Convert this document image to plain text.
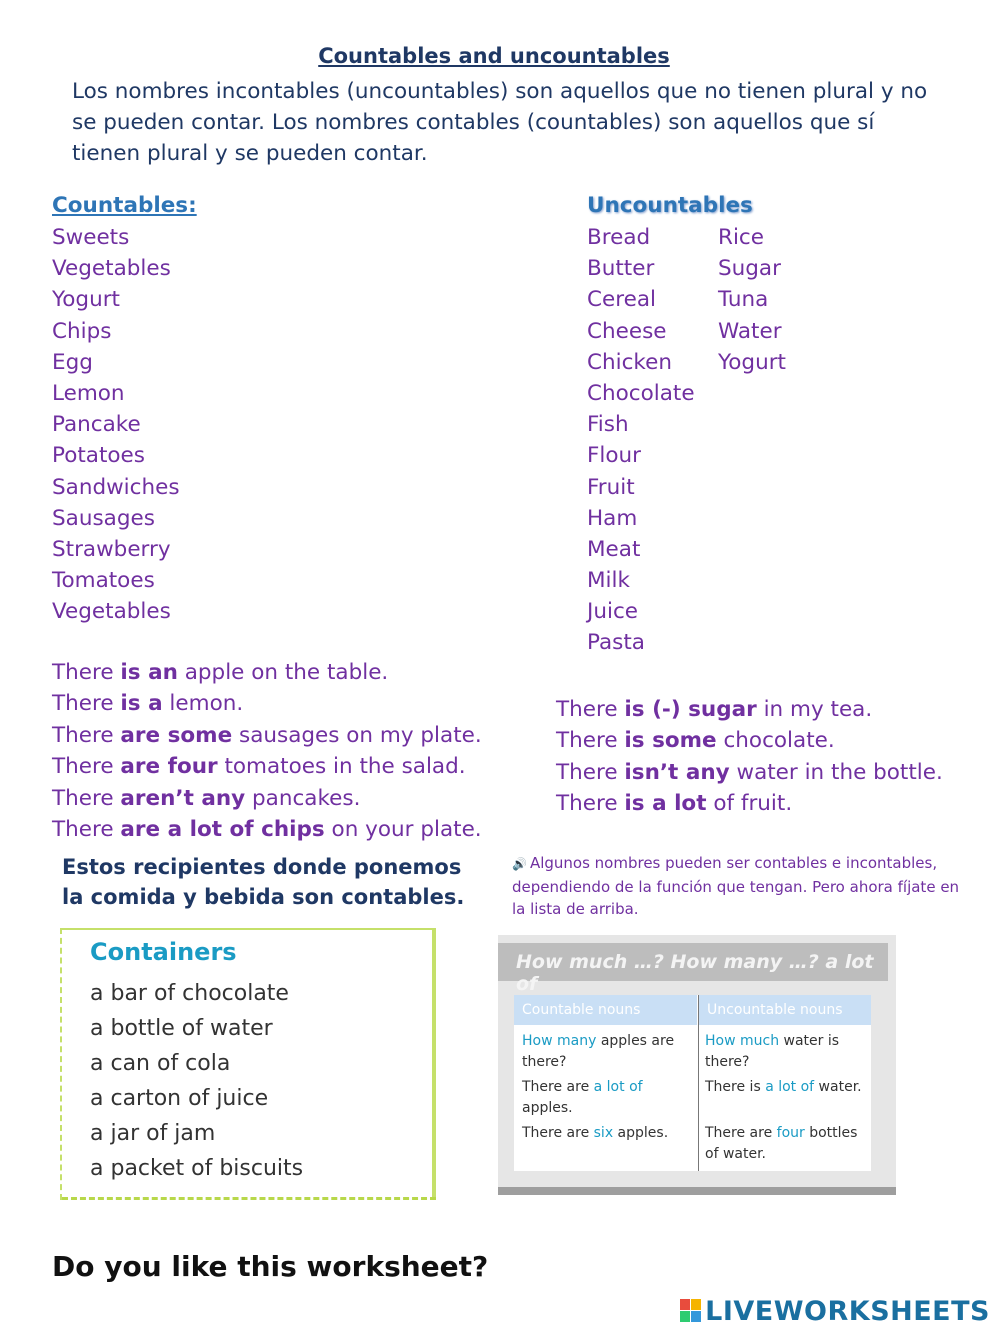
Countables and uncountables
Los nombres incontables (uncountables) son aquellos que no tienen plural y no se pueden contar. Los nombres contables (countables) son aquellos que sí tienen plural y se pueden contar.
Countables:
Sweets
Vegetables
Yogurt
Chips
Egg
Lemon
Pancake
Potatoes
Sandwiches
Sausages
Strawberry
Tomatoes
Vegetables
Uncountables
Bread
Butter
Cereal
Cheese
Chicken
Chocolate
Fish
Flour
Fruit
Ham
Meat
Milk
Juice
Pasta
Rice
Sugar
Tuna
Water
Yogurt
There is an apple on the table.
There is a lemon.
There are some sausages on my plate.
There are four tomatoes in the salad.
There aren’t any pancakes.
There are a lot of chips on your plate.
There is (-) sugar in my tea.
There is some chocolate.
There isn’t any water in the bottle.
There is a lot of fruit.
Estos recipientes donde ponemos la comida y bebida son contables.
🔊 Algunos nombres pueden ser contables e incontables, dependiendo de la función que tengan. Pero ahora fíjate en la lista de arriba.
Containers
a bar of chocolate
a bottle of water
a can of cola
a carton of juice
a jar of jam
a packet of biscuits
How much …? How many …? a lot of
Countable nouns	Uncountable nouns
How many apples are there?
There are a lot of apples.
There are six apples.
How much water is there?
There is a lot of water.
There are four bottles of water.
Do you like this worksheet?
LIVEWORKSHEETS
